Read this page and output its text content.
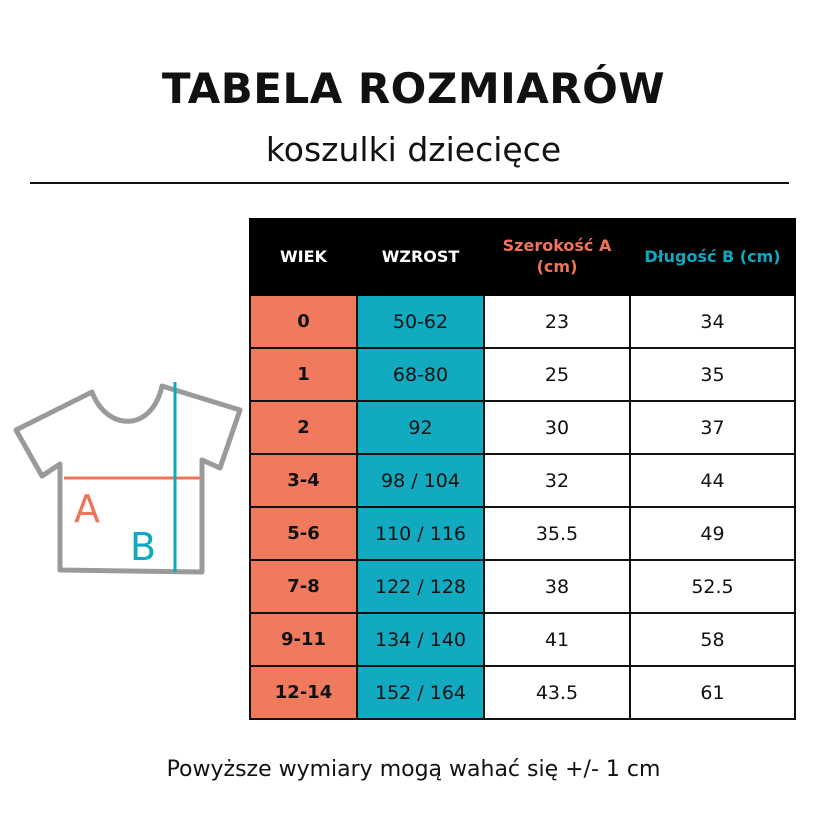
TABELA ROZMIARÓW
koszulki dziecięce
A
B
WIEK	WZROST	Szerokość A (cm)	Długość B (cm)
0	50-62	23	34
1	68-80	25	35
2	92	30	37
3-4	98 / 104	32	44
5-6	110 / 116	35.5	49
7-8	122 / 128	38	52.5
9-11	134 / 140	41	58
12-14	152 / 164	43.5	61
Powyższe wymiary mogą wahać się +/- 1 cm
